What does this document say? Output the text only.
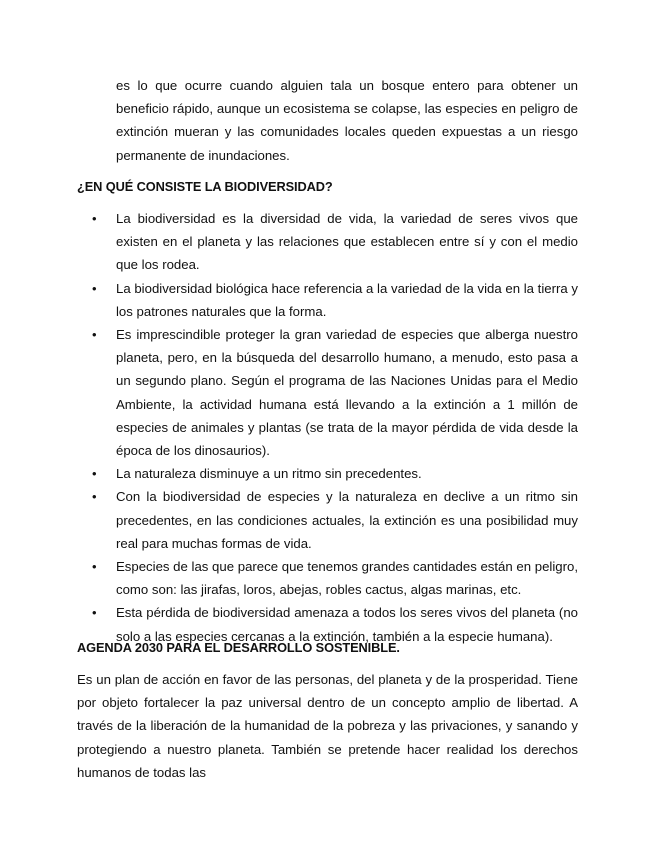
es lo que ocurre cuando alguien tala un bosque entero para obtener un beneficio rápido, aunque un ecosistema se colapse, las especies en peligro de extinción mueran y las comunidades locales queden expuestas a un riesgo permanente de inundaciones.

¿EN QUÉ CONSISTE LA BIODIVERSIDAD?
• La biodiversidad es la diversidad de vida, la variedad de seres vivos que existen en el planeta y las relaciones que establecen entre sí y con el medio que los rodea.
• La biodiversidad biológica hace referencia a la variedad de la vida en la tierra y los patrones naturales que la forma.
• Es imprescindible proteger la gran variedad de especies que alberga nuestro planeta, pero, en la búsqueda del desarrollo humano, a menudo, esto pasa a un segundo plano. Según el programa de las Naciones Unidas para el Medio Ambiente, la actividad humana está llevando a la extinción a 1 millón de especies de animales y plantas (se trata de la mayor pérdida de vida desde la época de los dinosaurios).
• La naturaleza disminuye a un ritmo sin precedentes.
• Con la biodiversidad de especies y la naturaleza en declive a un ritmo sin precedentes, en las condiciones actuales, la extinción es una posibilidad muy real para muchas formas de vida.
• Especies de las que parece que tenemos grandes cantidades están en peligro, como son: las jirafas, loros, abejas, robles cactus, algas marinas, etc.
• Esta pérdida de biodiversidad amenaza a todos los seres vivos del planeta (no solo a las especies cercanas a la extinción, también a la especie humana).
AGENDA 2030 PARA EL DESARROLLO SOSTENIBLE.

Es un plan de acción en favor de las personas, del planeta y de la prosperidad. Tiene por objeto fortalecer la paz universal dentro de un concepto amplio de libertad. A través de la liberación de la humanidad de la pobreza y las privaciones, y sanando y protegiendo a nuestro planeta. También se pretende hacer realidad los derechos humanos de todas las
